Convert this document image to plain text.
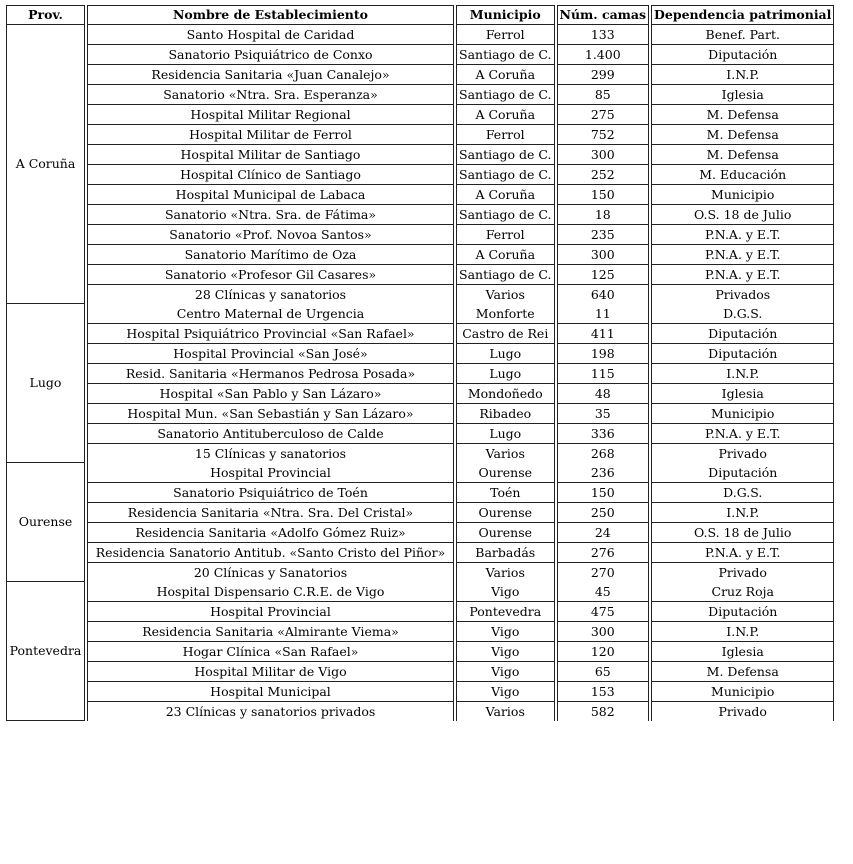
Prov.	Nombre de Establecimiento	Municipio	Núm. camas	Dependencia patrimonial
A Coruña	Santo Hospital de Caridad	Ferrol	133	Benef. Part.
	Sanatorio Psiquiátrico de Conxo	Santiago de C.	1.400	Diputación
	Residencia Sanitaria «Juan Canalejo»	A Coruña	299	I.N.P.
	Sanatorio «Ntra. Sra. Esperanza»	Santiago de C.	85	Iglesia
	Hospital Militar Regional	A Coruña	275	M. Defensa
	Hospital Militar de Ferrol	Ferrol	752	M. Defensa
	Hospital Militar de Santiago	Santiago de C.	300	M. Defensa
	Hospital Clínico de Santiago	Santiago de C.	252	M. Educación
	Hospital Municipal de Labaca	A Coruña	150	Municipio
	Sanatorio «Ntra. Sra. de Fátima»	Santiago de C.	18	O.S. 18 de Julio
	Sanatorio «Prof. Novoa Santos»	Ferrol	235	P.N.A. y E.T.
	Sanatorio Marítimo de Oza	A Coruña	300	P.N.A. y E.T.
	Sanatorio «Profesor Gil Casares»	Santiago de C.	125	P.N.A. y E.T.
	28 Clínicas y sanatorios	Varios	640	Privados
Lugo	Centro Maternal de Urgencia	Monforte	11	D.G.S.
	Hospital Psiquiátrico Provincial «San Rafael»	Castro de Rei	411	Diputación
	Hospital Provincial «San José»	Lugo	198	Diputación
	Resid. Sanitaria «Hermanos Pedrosa Posada»	Lugo	115	I.N.P.
	Hospital «San Pablo y San Lázaro»	Mondoñedo	48	Iglesia
	Hospital Mun. «San Sebastián y San Lázaro»	Ribadeo	35	Municipio
	Sanatorio Antituberculoso de Calde	Lugo	336	P.N.A. y E.T.
	15 Clínicas y sanatorios	Varios	268	Privado
Ourense	Hospital Provincial	Ourense	236	Diputación
	Sanatorio Psiquiátrico de Toén	Toén	150	D.G.S.
	Residencia Sanitaria «Ntra. Sra. Del Cristal»	Ourense	250	I.N.P.
	Residencia Sanitaria «Adolfo Gómez Ruiz»	Ourense	24	O.S. 18 de Julio
	Residencia Sanatorio Antitub. «Santo Cristo del Piñor»	Barbadás	276	P.N.A. y E.T.
	20 Clínicas y Sanatorios	Varios	270	Privado
Pontevedra	Hospital Dispensario C.R.E. de Vigo	Vigo	45	Cruz Roja
	Hospital Provincial	Pontevedra	475	Diputación
	Residencia Sanitaria «Almirante Viema»	Vigo	300	I.N.P.
	Hogar Clínica «San Rafael»	Vigo	120	Iglesia
	Hospital Militar de Vigo	Vigo	65	M. Defensa
	Hospital Municipal	Vigo	153	Municipio
	23 Clínicas y sanatorios privados	Varios	582	Privado
